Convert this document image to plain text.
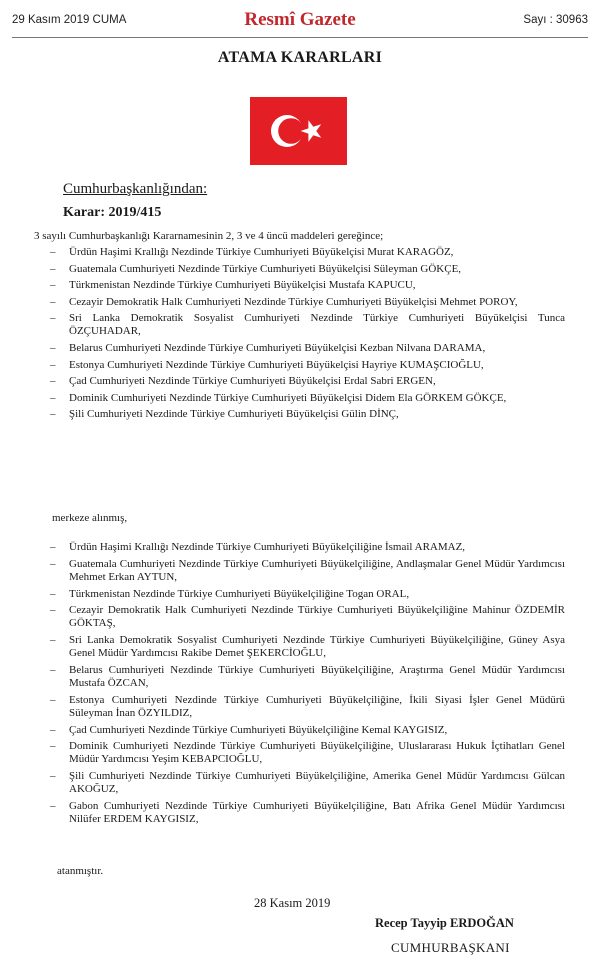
29 Kasım 2019 CUMA	Resmî Gazete	Sayı : 30963
ATAMA KARARLARI
Cumhurbaşkanlığından:
Karar: 2019/415
3 sayılı Cumhurbaşkanlığı Kararnamesinin 2, 3 ve 4 üncü maddeleri gereğince;
– Ürdün Haşimi Krallığı Nezdinde Türkiye Cumhuriyeti Büyükelçisi Murat KARAGÖZ,
– Guatemala Cumhuriyeti Nezdinde Türkiye Cumhuriyeti Büyükelçisi Süleyman GÖKÇE,
– Türkmenistan Nezdinde Türkiye Cumhuriyeti Büyükelçisi Mustafa KAPUCU,
– Cezayir Demokratik Halk Cumhuriyeti Nezdinde Türkiye Cumhuriyeti Büyükelçisi Mehmet POROY,
– Sri Lanka Demokratik Sosyalist Cumhuriyeti Nezdinde Türkiye Cumhuriyeti Büyükelçisi Tunca ÖZÇUHADAR,
– Belarus Cumhuriyeti Nezdinde Türkiye Cumhuriyeti Büyükelçisi Kezban Nilvana DARAMA,
– Estonya Cumhuriyeti Nezdinde Türkiye Cumhuriyeti Büyükelçisi Hayriye KUMAŞCIOĞLU,
– Çad Cumhuriyeti Nezdinde Türkiye Cumhuriyeti Büyükelçisi Erdal Sabri ERGEN,
– Dominik Cumhuriyeti Nezdinde Türkiye Cumhuriyeti Büyükelçisi Didem Ela GÖRKEM GÖKÇE,
– Şili Cumhuriyeti Nezdinde Türkiye Cumhuriyeti Büyükelçisi Gülin DİNÇ,
merkeze alınmış,
– Ürdün Haşimi Krallığı Nezdinde Türkiye Cumhuriyeti Büyükelçiliğine İsmail ARAMAZ,
– Guatemala Cumhuriyeti Nezdinde Türkiye Cumhuriyeti Büyükelçiliğine, Andlaşmalar Genel Müdür Yardımcısı Mehmet Erkan AYTUN,
– Türkmenistan Nezdinde Türkiye Cumhuriyeti Büyükelçiliğine Togan ORAL,
– Cezayir Demokratik Halk Cumhuriyeti Nezdinde Türkiye Cumhuriyeti Büyükelçiliğine Mahinur ÖZDEMİR GÖKTAŞ,
– Sri Lanka Demokratik Sosyalist Cumhuriyeti Nezdinde Türkiye Cumhuriyeti Büyükelçiliğine, Güney Asya Genel Müdür Yardımcısı Rakibe Demet ŞEKERCİOĞLU,
– Belarus Cumhuriyeti Nezdinde Türkiye Cumhuriyeti Büyükelçiliğine, Araştırma Genel Müdür Yardımcısı Mustafa ÖZCAN,
– Estonya Cumhuriyeti Nezdinde Türkiye Cumhuriyeti Büyükelçiliğine, İkili Siyasi İşler Genel Müdürü Süleyman İnan ÖZYILDIZ,
– Çad Cumhuriyeti Nezdinde Türkiye Cumhuriyeti Büyükelçiliğine Kemal KAYGISIZ,
– Dominik Cumhuriyeti Nezdinde Türkiye Cumhuriyeti Büyükelçiliğine, Uluslararası Hukuk İçtihatları Genel Müdür Yardımcısı Yeşim KEBAPCIOĞLU,
– Şili Cumhuriyeti Nezdinde Türkiye Cumhuriyeti Büyükelçiliğine, Amerika Genel Müdür Yardımcısı Gülcan AKOĞUZ,
– Gabon Cumhuriyeti Nezdinde Türkiye Cumhuriyeti Büyükelçiliğine, Batı Afrika Genel Müdür Yardımcısı Nilüfer ERDEM KAYGISIZ,
atanmıştır.
28 Kasım 2019
Recep Tayyip ERDOĞAN
CUMHURBAŞKANI
